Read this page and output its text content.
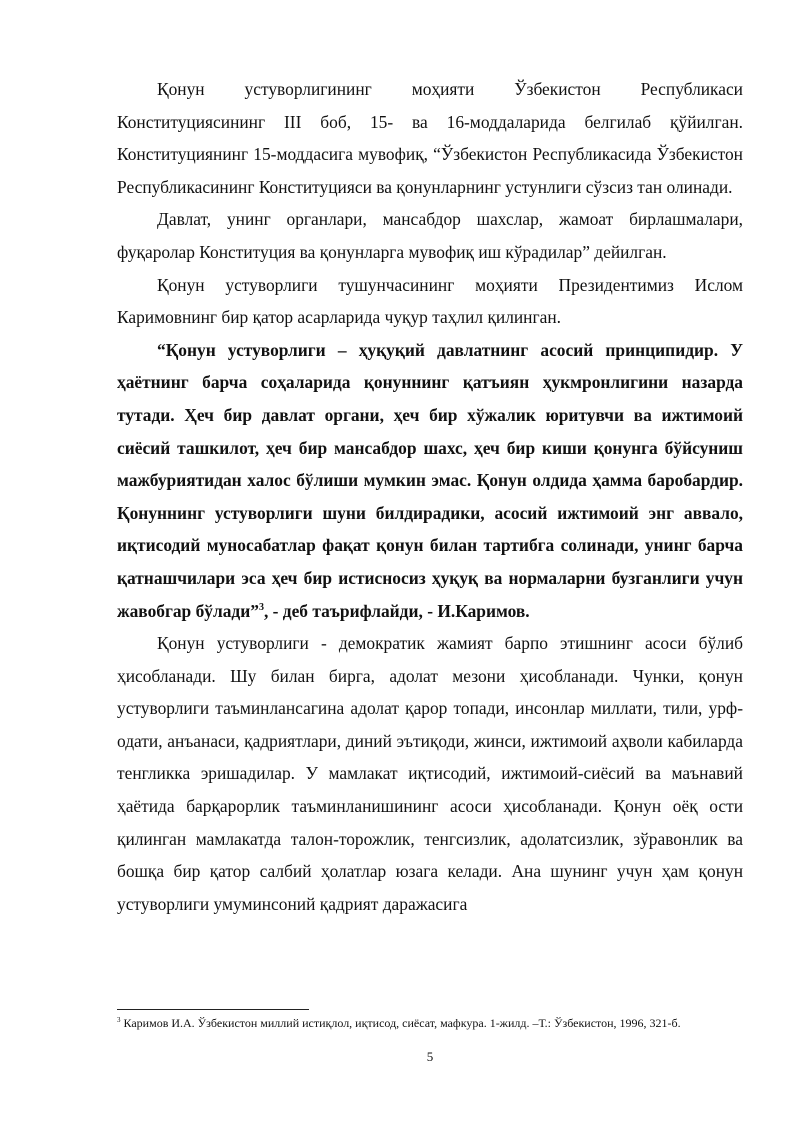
Қонун устуворлигининг моҳияти Ўзбекистон Республикаси Конституциясининг III боб, 15- ва 16-моддаларида белгилаб қўйилган. Конституциянинг 15-моддасига мувофиқ, “Ўзбекистон Республикасида Ўзбекистон Республикасининг Конституцияси ва қонунларнинг устунлиги сўзсиз тан олинади.

Давлат, унинг органлари, мансабдор шахслар, жамоат бирлашмалари, фуқаролар Конституция ва қонунларга мувофиқ иш кўрадилар” дейилган.

Қонун устуворлиги тушунчасининг моҳияти Президентимиз Ислом Каримовнинг бир қатор асарларида чуқур таҳлил қилинган.

“Қонун устуворлиги – ҳуқуқий давлатнинг асосий принципидир. У ҳаётнинг барча соҳаларида қонуннинг қатъиян ҳукмронлигини назарда тутади. Ҳеч бир давлат органи, ҳеч бир хўжалик юритувчи ва ижтимоий сиёсий ташкилот, ҳеч бир мансабдор шахс, ҳеч бир киши қонунга бўйсуниш мажбуриятидан халос бўлиши мумкин эмас. Қонун олдида ҳамма баробардир. Қонуннинг устуворлиги шуни билдирадики, асосий ижтимоий энг аввало, иқтисодий муносабатлар фақат қонун билан тартибга солинади, унинг барча қатнашчилари эса ҳеч бир истисносиз ҳуқуқ ва нормаларни бузганлиги учун жавобгар бўлади”$^3$, - деб таърифлайди, - И.Каримов.

Қонун устуворлиги - демократик жамият барпо этишнинг асоси бўлиб ҳисобланади. Шу билан бирга, адолат мезони ҳисобланади. Чунки, қонун устуворлиги таъминлансагина адолат қарор топади, инсонлар миллати, тили, урф-одати, анъанаси, қадриятлари, диний эътиқоди, жинси, ижтимоий аҳволи кабиларда тенгликка эришадилар. У мамлакат иқтисодий, ижтимоий-сиёсий ва маънавий ҳаётида барқарорлик таъминланишининг асоси ҳисобланади. Қонун оёқ ости қилинган мамлакатда талон-торожлик, тенгсизлик, адолатсизлик, зўравонлик ва бошқа бир қатор салбий ҳолатлар юзага келади. Ана шунинг учун ҳам қонун устуворлиги умуминсоний қадрият даражасига

$^3$ Каримов И.А. Ўзбекистон миллий истиқлол, иқтисод, сиёсат, мафкура. 1-жилд. –Т.: Ўзбекистон, 1996, 321-б.
5
